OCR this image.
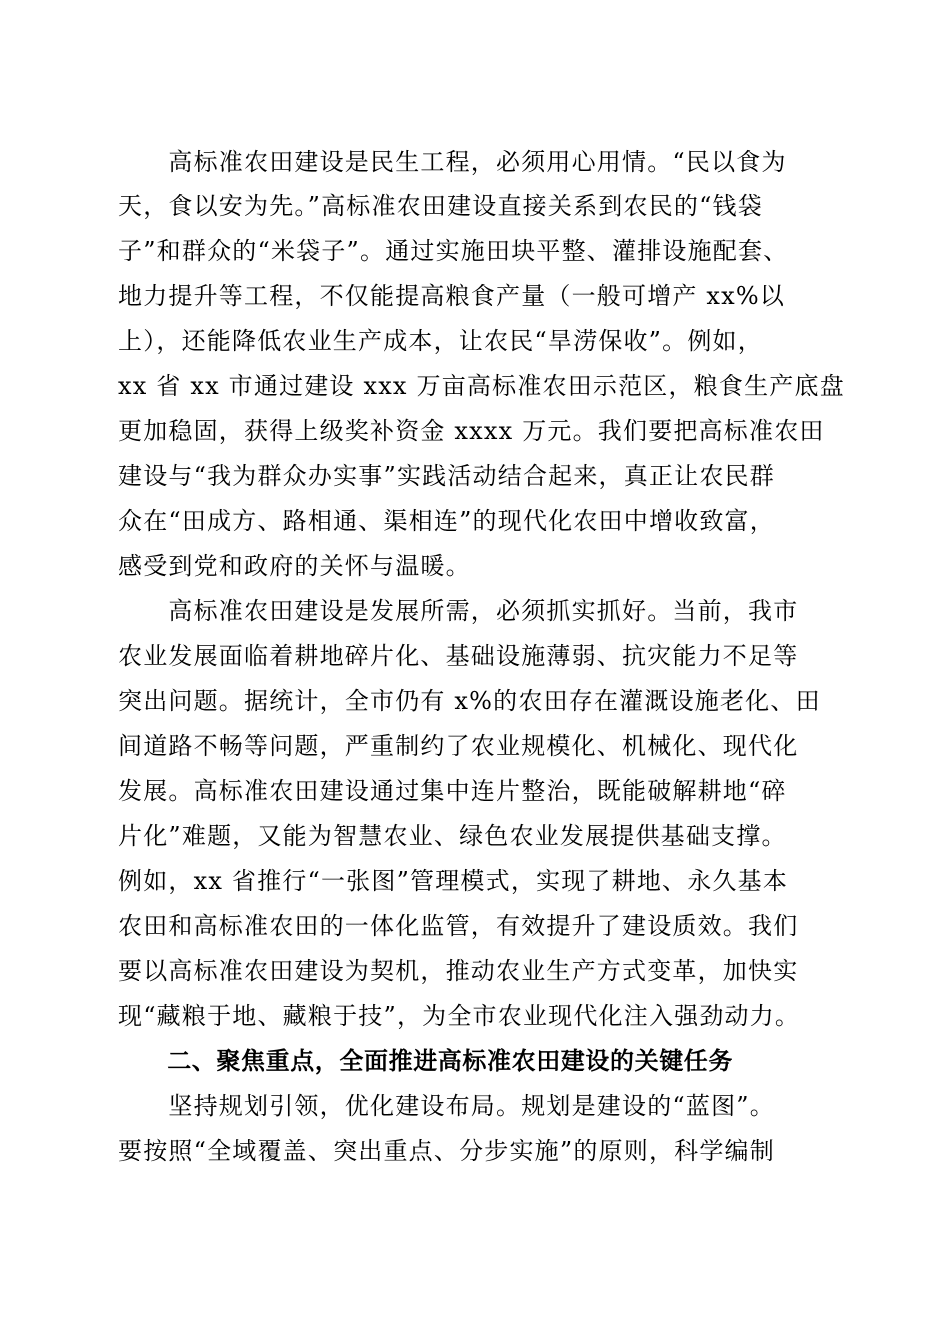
　　高标准农田建设是民生工程，必须用心用情。“民以食为
天，食以安为先。”高标准农田建设直接关系到农民的“钱袋
子”和群众的“米袋子”。通过实施田块平整、灌排设施配套、
地力提升等工程，不仅能提高粮食产量（一般可增产 xx%以
上），还能降低农业生产成本，让农民“旱涝保收”。例如，
xx 省 xx 市通过建设 xxx 万亩高标准农田示范区，粮食生产底盘
更加稳固，获得上级奖补资金 xxxx 万元。我们要把高标准农田
建设与“我为群众办实事”实践活动结合起来，真正让农民群
众在“田成方、路相通、渠相连”的现代化农田中增收致富，
感受到党和政府的关怀与温暖。
　　高标准农田建设是发展所需，必须抓实抓好。当前，我市
农业发展面临着耕地碎片化、基础设施薄弱、抗灾能力不足等
突出问题。据统计，全市仍有 x%的农田存在灌溉设施老化、田
间道路不畅等问题，严重制约了农业规模化、机械化、现代化
发展。高标准农田建设通过集中连片整治，既能破解耕地“碎
片化”难题，又能为智慧农业、绿色农业发展提供基础支撑。
例如，xx 省推行“一张图”管理模式，实现了耕地、永久基本
农田和高标准农田的一体化监管，有效提升了建设质效。我们
要以高标准农田建设为契机，推动农业生产方式变革，加快实
现“藏粮于地、藏粮于技”，为全市农业现代化注入强劲动力。
　　二、聚焦重点，全面推进高标准农田建设的关键任务
　　坚持规划引领，优化建设布局。规划是建设的“蓝图”。
要按照“全域覆盖、突出重点、分步实施”的原则，科学编制
